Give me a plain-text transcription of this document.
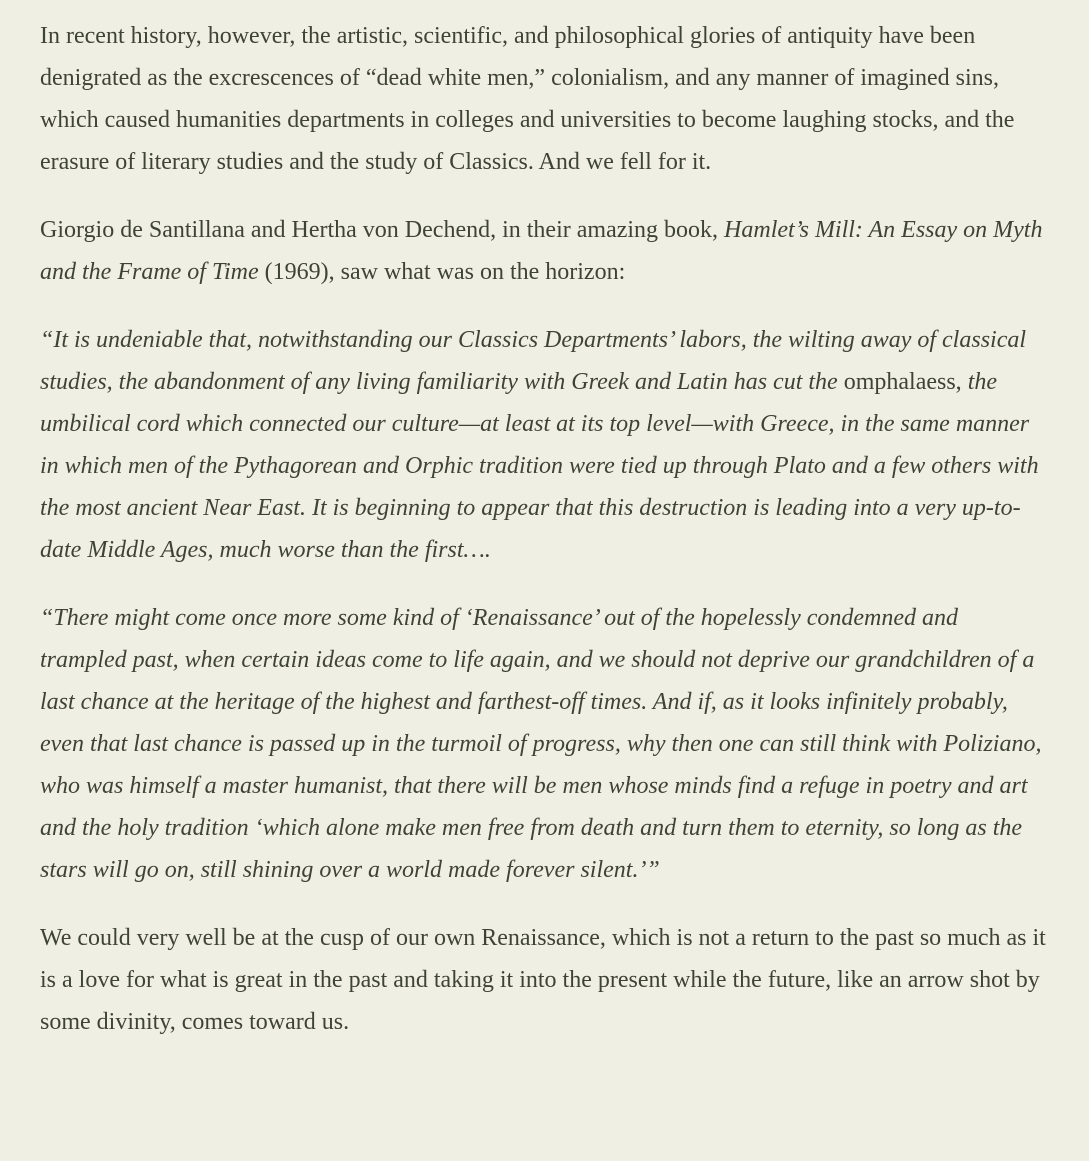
In recent history, however, the artistic, scientific, and philosophical glories of antiquity have been denigrated as the excrescences of “dead white men,” colonialism, and any manner of imagined sins, which caused humanities departments in colleges and universities to become laughing stocks, and the erasure of literary studies and the study of Classics. And we fell for it.

Giorgio de Santillana and Hertha von Dechend, in their amazing book, Hamlet’s Mill: An Essay on Myth and the Frame of Time (1969), saw what was on the horizon:

“It is undeniable that, notwithstanding our Classics Departments’ labors, the wilting away of classical studies, the abandonment of any living familiarity with Greek and Latin has cut the omphalaess, the umbilical cord which connected our culture—at least at its top level—with Greece, in the same manner in which men of the Pythagorean and Orphic tradition were tied up through Plato and a few others with the most ancient Near East. It is beginning to appear that this destruction is leading into a very up-to-date Middle Ages, much worse than the first….

“There might come once more some kind of ‘Renaissance’ out of the hopelessly condemned and trampled past, when certain ideas come to life again, and we should not deprive our grandchildren of a last chance at the heritage of the highest and farthest-off times. And if, as it looks infinitely probably, even that last chance is passed up in the turmoil of progress, why then one can still think with Poliziano, who was himself a master humanist, that there will be men whose minds find a refuge in poetry and art and the holy tradition ‘which alone make men free from death and turn them to eternity, so long as the stars will go on, still shining over a world made forever silent.’”

We could very well be at the cusp of our own Renaissance, which is not a return to the past so much as it is a love for what is great in the past and taking it into the present while the future, like an arrow shot by some divinity, comes toward us.
